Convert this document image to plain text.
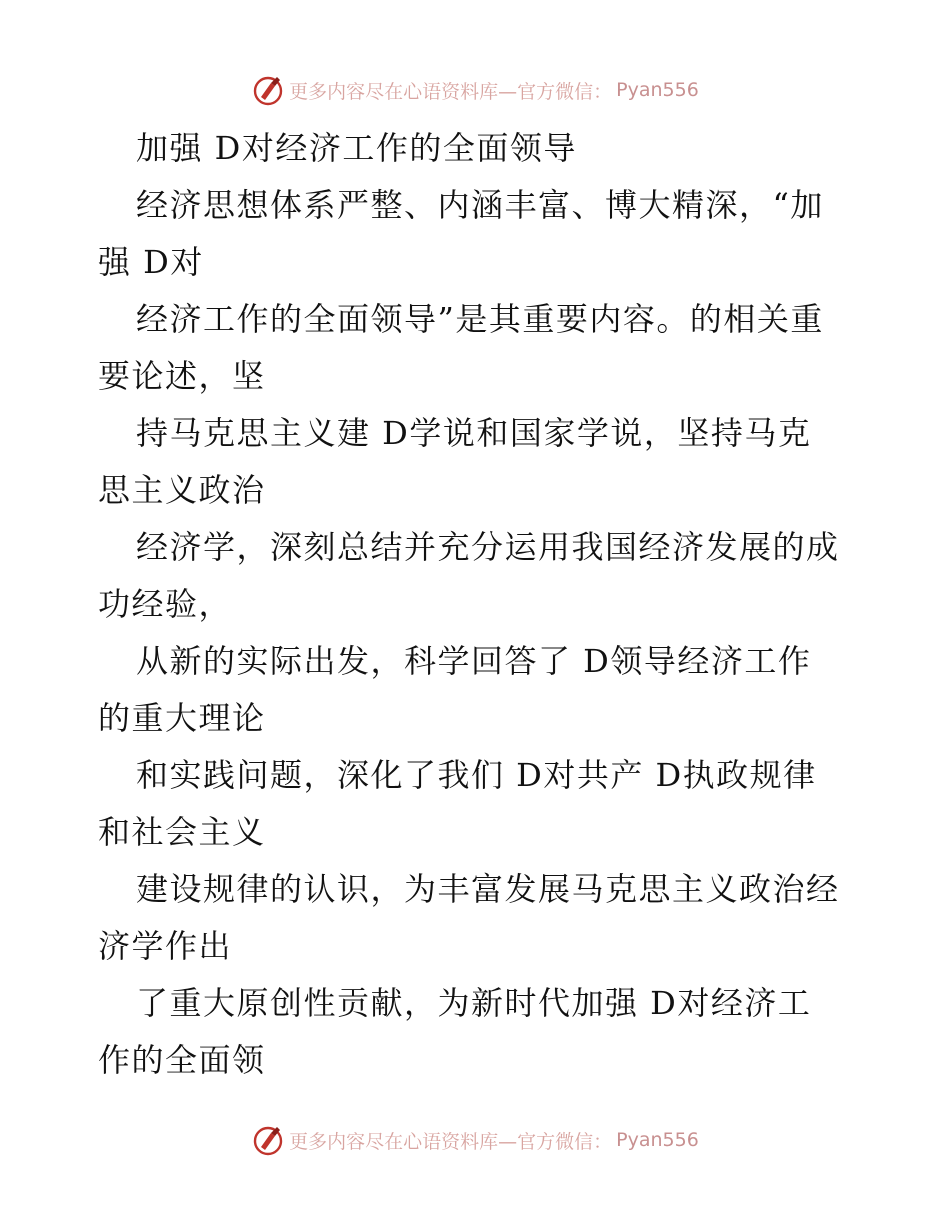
更多内容尽在心语资料库—官方微信： Pyan556
加强 D对经济工作的全面领导
经济思想体系严整、内涵丰富、博大精深，“加
强 D对
经济工作的全面领导”是其重要内容。的相关重
要论述，坚
持马克思主义建 D学说和国家学说，坚持马克
思主义政治
经济学，深刻总结并充分运用我国经济发展的成
功经验，
从新的实际出发，科学回答了 D领导经济工作
的重大理论
和实践问题，深化了我们 D对共产 D执政规律
和社会主义
建设规律的认识，为丰富发展马克思主义政治经
济学作出
了重大原创性贡献，为新时代加强 D对经济工
作的全面领
更多内容尽在心语资料库—官方微信： Pyan556
